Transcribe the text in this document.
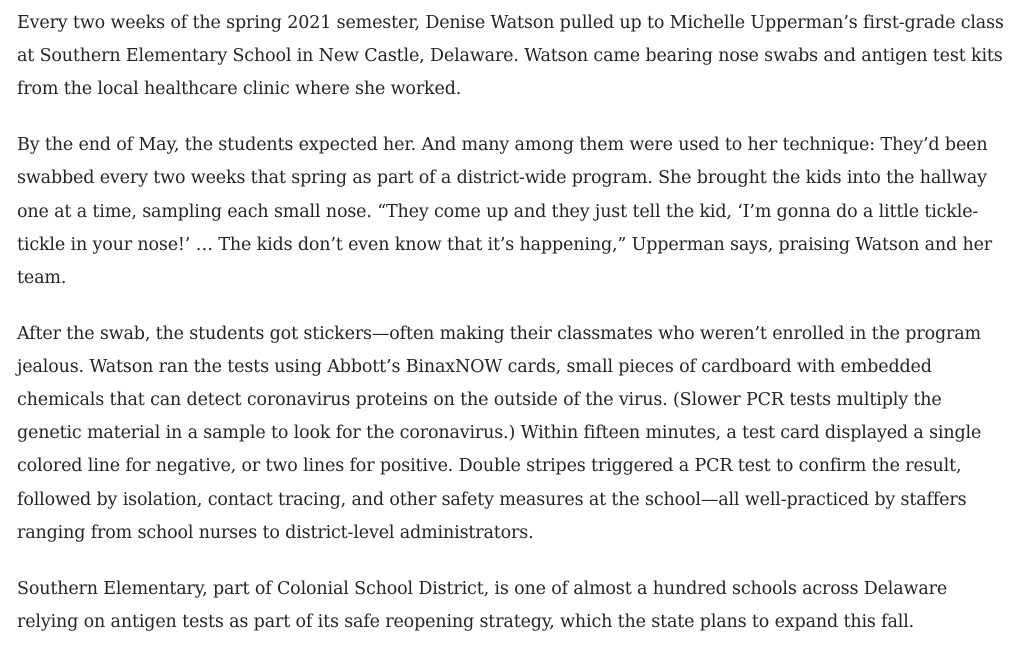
Every two weeks of the spring 2021 semester, Denise Watson pulled up to Michelle Upperman’s first-grade class at Southern Elementary School in New Castle, Delaware. Watson came bearing nose swabs and antigen test kits from the local healthcare clinic where she worked.

By the end of May, the students expected her. And many among them were used to her technique: They’d been swabbed every two weeks that spring as part of a district-wide program. She brought the kids into the hallway one at a time, sampling each small nose. “They come up and they just tell the kid, ‘I’m gonna do a little tickle-tickle in your nose!’ … The kids don’t even know that it’s happening,” Upperman says, praising Watson and her team.

After the swab, the students got stickers—often making their classmates who weren’t enrolled in the program jealous. Watson ran the tests using Abbott’s BinaxNOW cards, small pieces of cardboard with embedded chemicals that can detect coronavirus proteins on the outside of the virus. (Slower PCR tests multiply the genetic material in a sample to look for the coronavirus.) Within fifteen minutes, a test card displayed a single colored line for negative, or two lines for positive. Double stripes triggered a PCR test to confirm the result, followed by isolation, contact tracing, and other safety measures at the school—all well-practiced by staffers ranging from school nurses to district-level administrators.

Southern Elementary, part of Colonial School District, is one of almost a hundred schools across Delaware relying on antigen tests as part of its safe reopening strategy, which the state plans to expand this fall.
